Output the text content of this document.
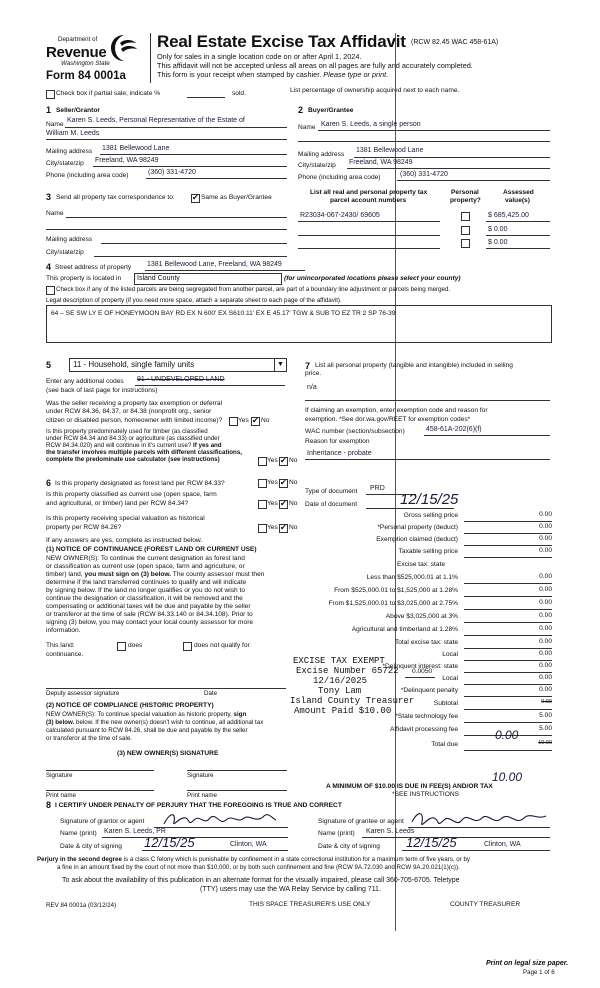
Department of
Revenue
Washington State
Form 84 0001a
Real Estate Excise Tax Affidavit (RCW 82.45 WAC 458-61A)
Only for sales in a single location code on or after April 1, 2024.
This affidavit will not be accepted unless all areas on all pages are fully and accurately completed.
This form is your receipt when stamped by cashier. Please type or print.
Check box if partial sale, indicate %	sold.	List percentage of ownership acquired next to each name.
1 Seller/Grantor
Name
Karen S. Leeds, Personal Representative of the Estate of
William M. Leeds
Mailing address 1381 Bellewood Lane
City/state/zip Freeland, WA 98249
Phone (including area code)	(360) 331-4720
2 Buyer/Grantee
Name Karen S. Leeds, a single person
Mailing address
1381 Bellewood Lane
City/state/zip Freeland, WA 98249
Phone (including area code)	(360) 331-4720
3 Send all property tax correspondence to: ✔	Same as Buyer/Grantee
Name
Mailing address
City/state/zip
List all real and personal property tax
parcel account numbers
Personal
property?
Assessed
value(s)
R23034-067-2430/ 69605	$ 685,425.00
$ 0.00
$ 0.00
4 Street address of property 1381 Bellewood Lane, Freeland, WA 98249
This property is located in Island County	(for unincorporated locations please select your county)
Check box if any of the listed parcels are being segregated from another parcel, are part of a boundary line adjustment or parcels being merged.
Legal description of property (if you need more space, attach a separate sheet to each page of the affidavit).
64 – SE SW LY E OF HONEYMOON BAY RD EX N 600' EX S610.11' EX E 45.17' TGW & SUB TO EZ TR 2 SP 76-39
5	11 - Household, single family units	▼
Enter any additional codes 91 - UNDEVELOPED LAND
(see back of last page for instructions)
Was the seller receiving a property tax exemption or deferral
under RCW 84.36, 84.37, or 84.38 (nonprofit org., senior
citizen or disabled person, homeowner with limited income)? Yes ✔ No
Is this property predominately used for timber (as classified
under RCW 84.34 and 84.33) or agriculture (as classified under
RCW 84.34.020) and will continue in it's current use? If yes and
the transfer involves multiple parcels with different classifications,
complete the predominate use calculator (see instructions)	Yes ✔ No
6 Is this property designated as forest land per RCW 84.33?	Yes ✔ No
Is this property classified as current use (open space, farm
and agricultural, or timber) land per RCW 84.34?	Yes ✔ No
Is this property receiving special valuation as historical
property per RCW 84.26?	Yes ✔ No
If any answers are yes, complete as instructed below.
(1) NOTICE OF CONTINUANCE (FOREST LAND OR CURRENT USE)
NEW OWNER(S): To continue the current designation as forest land
or classification as current use (open space, farm and agriculture, or
timber) land, you must sign on (3) below. The county assessor must then
determine if the land transferred continues to qualify and will indicate
by signing below. If the land no longer qualifies or you do not wish to
continue the designation or classification, it will be removed and the
compensating or additional taxes will be due and payable by the seller
or transferor at the time of sale (RCW 84.33.140 or 84.34.108). Prior to
signing (3) below, you may contact your local county assessor for more
information.
This land:	does	does not qualify for
continuance.
Deputy assessor signature	Date
(2) NOTICE OF COMPLIANCE (HISTORIC PROPERTY)
NEW OWNER(S): To continue special valuation as historic property, sign
(3) below. below. If the new owner(s) doesn't wish to continue, all additional tax
calculated pursuant to RCW 84.26, shall be due and payable by the seller
or transferor at the time of sale.
(3) NEW OWNER(S) SIGNATURE
Signature	Signature
Print name	Print name
7 List all personal property (tangible and intangible) included in selling
price.
n/a
If claiming an exemption, enter exemption code and reason for
exemption. *See dor.wa.gov/REET for exemption codes*
WAC number (section/subsection)	458-61A-202(6)(f)
Reason for exemption
Inheritance - probate
Type of document PRD
Date of document	12/15/25
Gross selling price	0.00
*Personal property (deduct)	0.00
Exemption claimed (deduct)	0.00
Taxable selling price	0.00
Excise tax: state
Less than $525,000.01 at 1.1%	0.00
From $525,000.01 to $1,525,000 at 1.28%	0.00
From $1,525,000.01 to $3,025,000 at 2.75%	0.00
Above $3,025,000 at 3%	0.00
Agricultural and timberland at 1.28%	0.00
Total excise tax: state	0.00
Local	0.00
*Delinquent interest: state	0.00
Local	0.00
*Delinquent penalty	0.00
Subtotal	0.00
*State technology fee	5.00
Affidavit processing fee	5.00
Total due	10.00
0.0050
0.00
10.00
A MINIMUM OF $10.00 IS DUE IN FEE(S) AND/OR TAX
*SEE INSTRUCTIONS
EXCISE TAX EXEMPT
Excise Number 65722
12/16/2025
Tony Lam
Island County Treasurer
Amount Paid $10.00
8 I CERTIFY UNDER PENALTY OF PERJURY THAT THE FOREGOING IS TRUE AND CORRECT
Signature of grantor or agent
Name (print) Karen S. Leeds, PR
Date & city of signing 12/15/25	Clinton, WA
Signature of grantee or agent
Name (print) Karen S. Leeds
Date & city of signing 12/15/25	Clinton, WA
Perjury in the second degree is a class C felony which is punishable by confinement in a state correctional institution for a maximum term of five years, or by
a fine in an amount fixed by the court of not more than $10,000, or by both such confinement and fine (RCW 9A.72.030 and RCW 9A.20.021(1)(c)).
To ask about the availability of this publication in an alternate format for the visually impaired, please call 360-705-6705. Teletype
(TTY) users may use the WA Relay Service by calling 711.
REV 84 0001a (03/12/24)	THIS SPACE TREASURER'S USE ONLY	COUNTY TREASURER
Print on legal size paper.
Page 1 of 6
